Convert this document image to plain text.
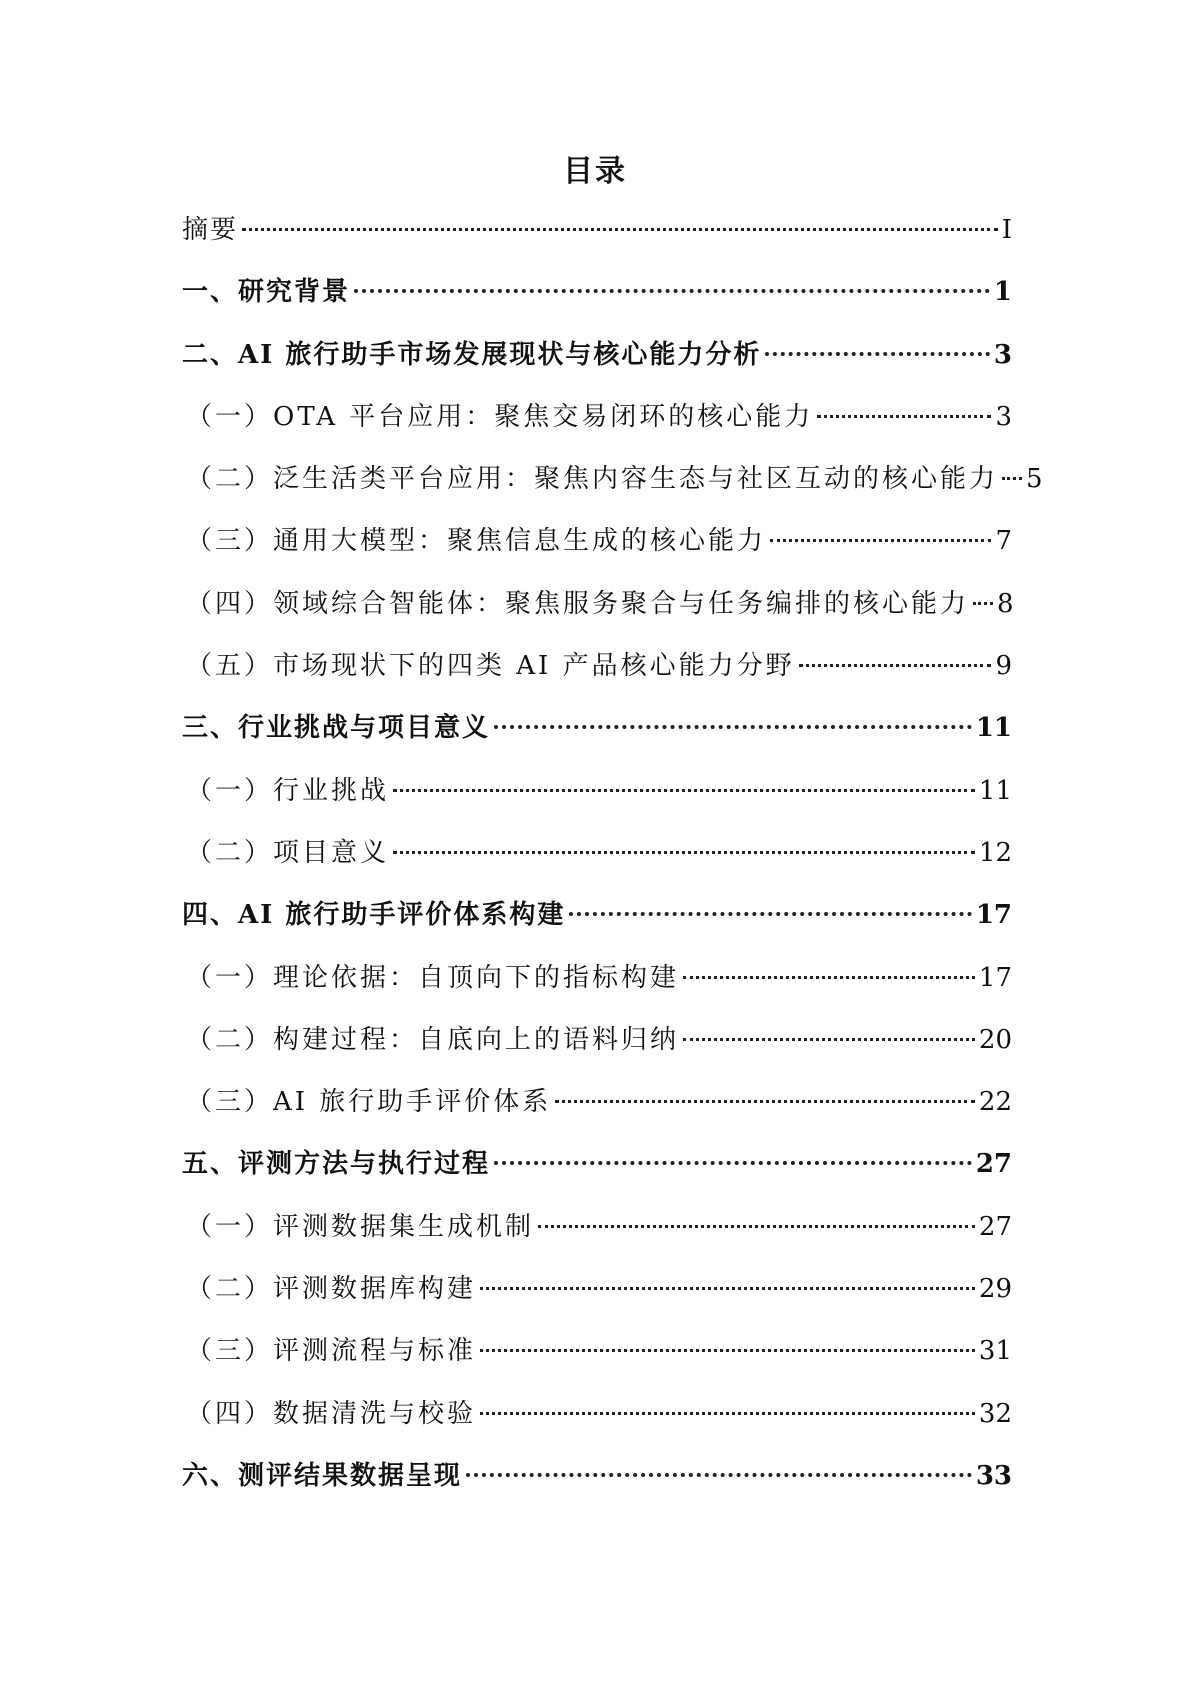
目录
摘要	I
一、研究背景	1
二、AI 旅行助手市场发展现状与核心能力分析	3
（一）OTA 平台应用：聚焦交易闭环的核心能力	3
（二）泛生活类平台应用：聚焦内容生态与社区互动的核心能力 5
（三）通用大模型：聚焦信息生成的核心能力	7
（四）领域综合智能体：聚焦服务聚合与任务编排的核心能力 8
（五）市场现状下的四类 AI 产品核心能力分野	9
三、行业挑战与项目意义	11
（一）行业挑战	11
（二）项目意义	12
四、AI 旅行助手评价体系构建	17
（一）理论依据：自顶向下的指标构建	17
（二）构建过程：自底向上的语料归纳	20
（三）AI 旅行助手评价体系	22
五、评测方法与执行过程	27
（一）评测数据集生成机制	27
（二）评测数据库构建	29
（三）评测流程与标准	31
（四）数据清洗与校验	32
六、测评结果数据呈现	33
